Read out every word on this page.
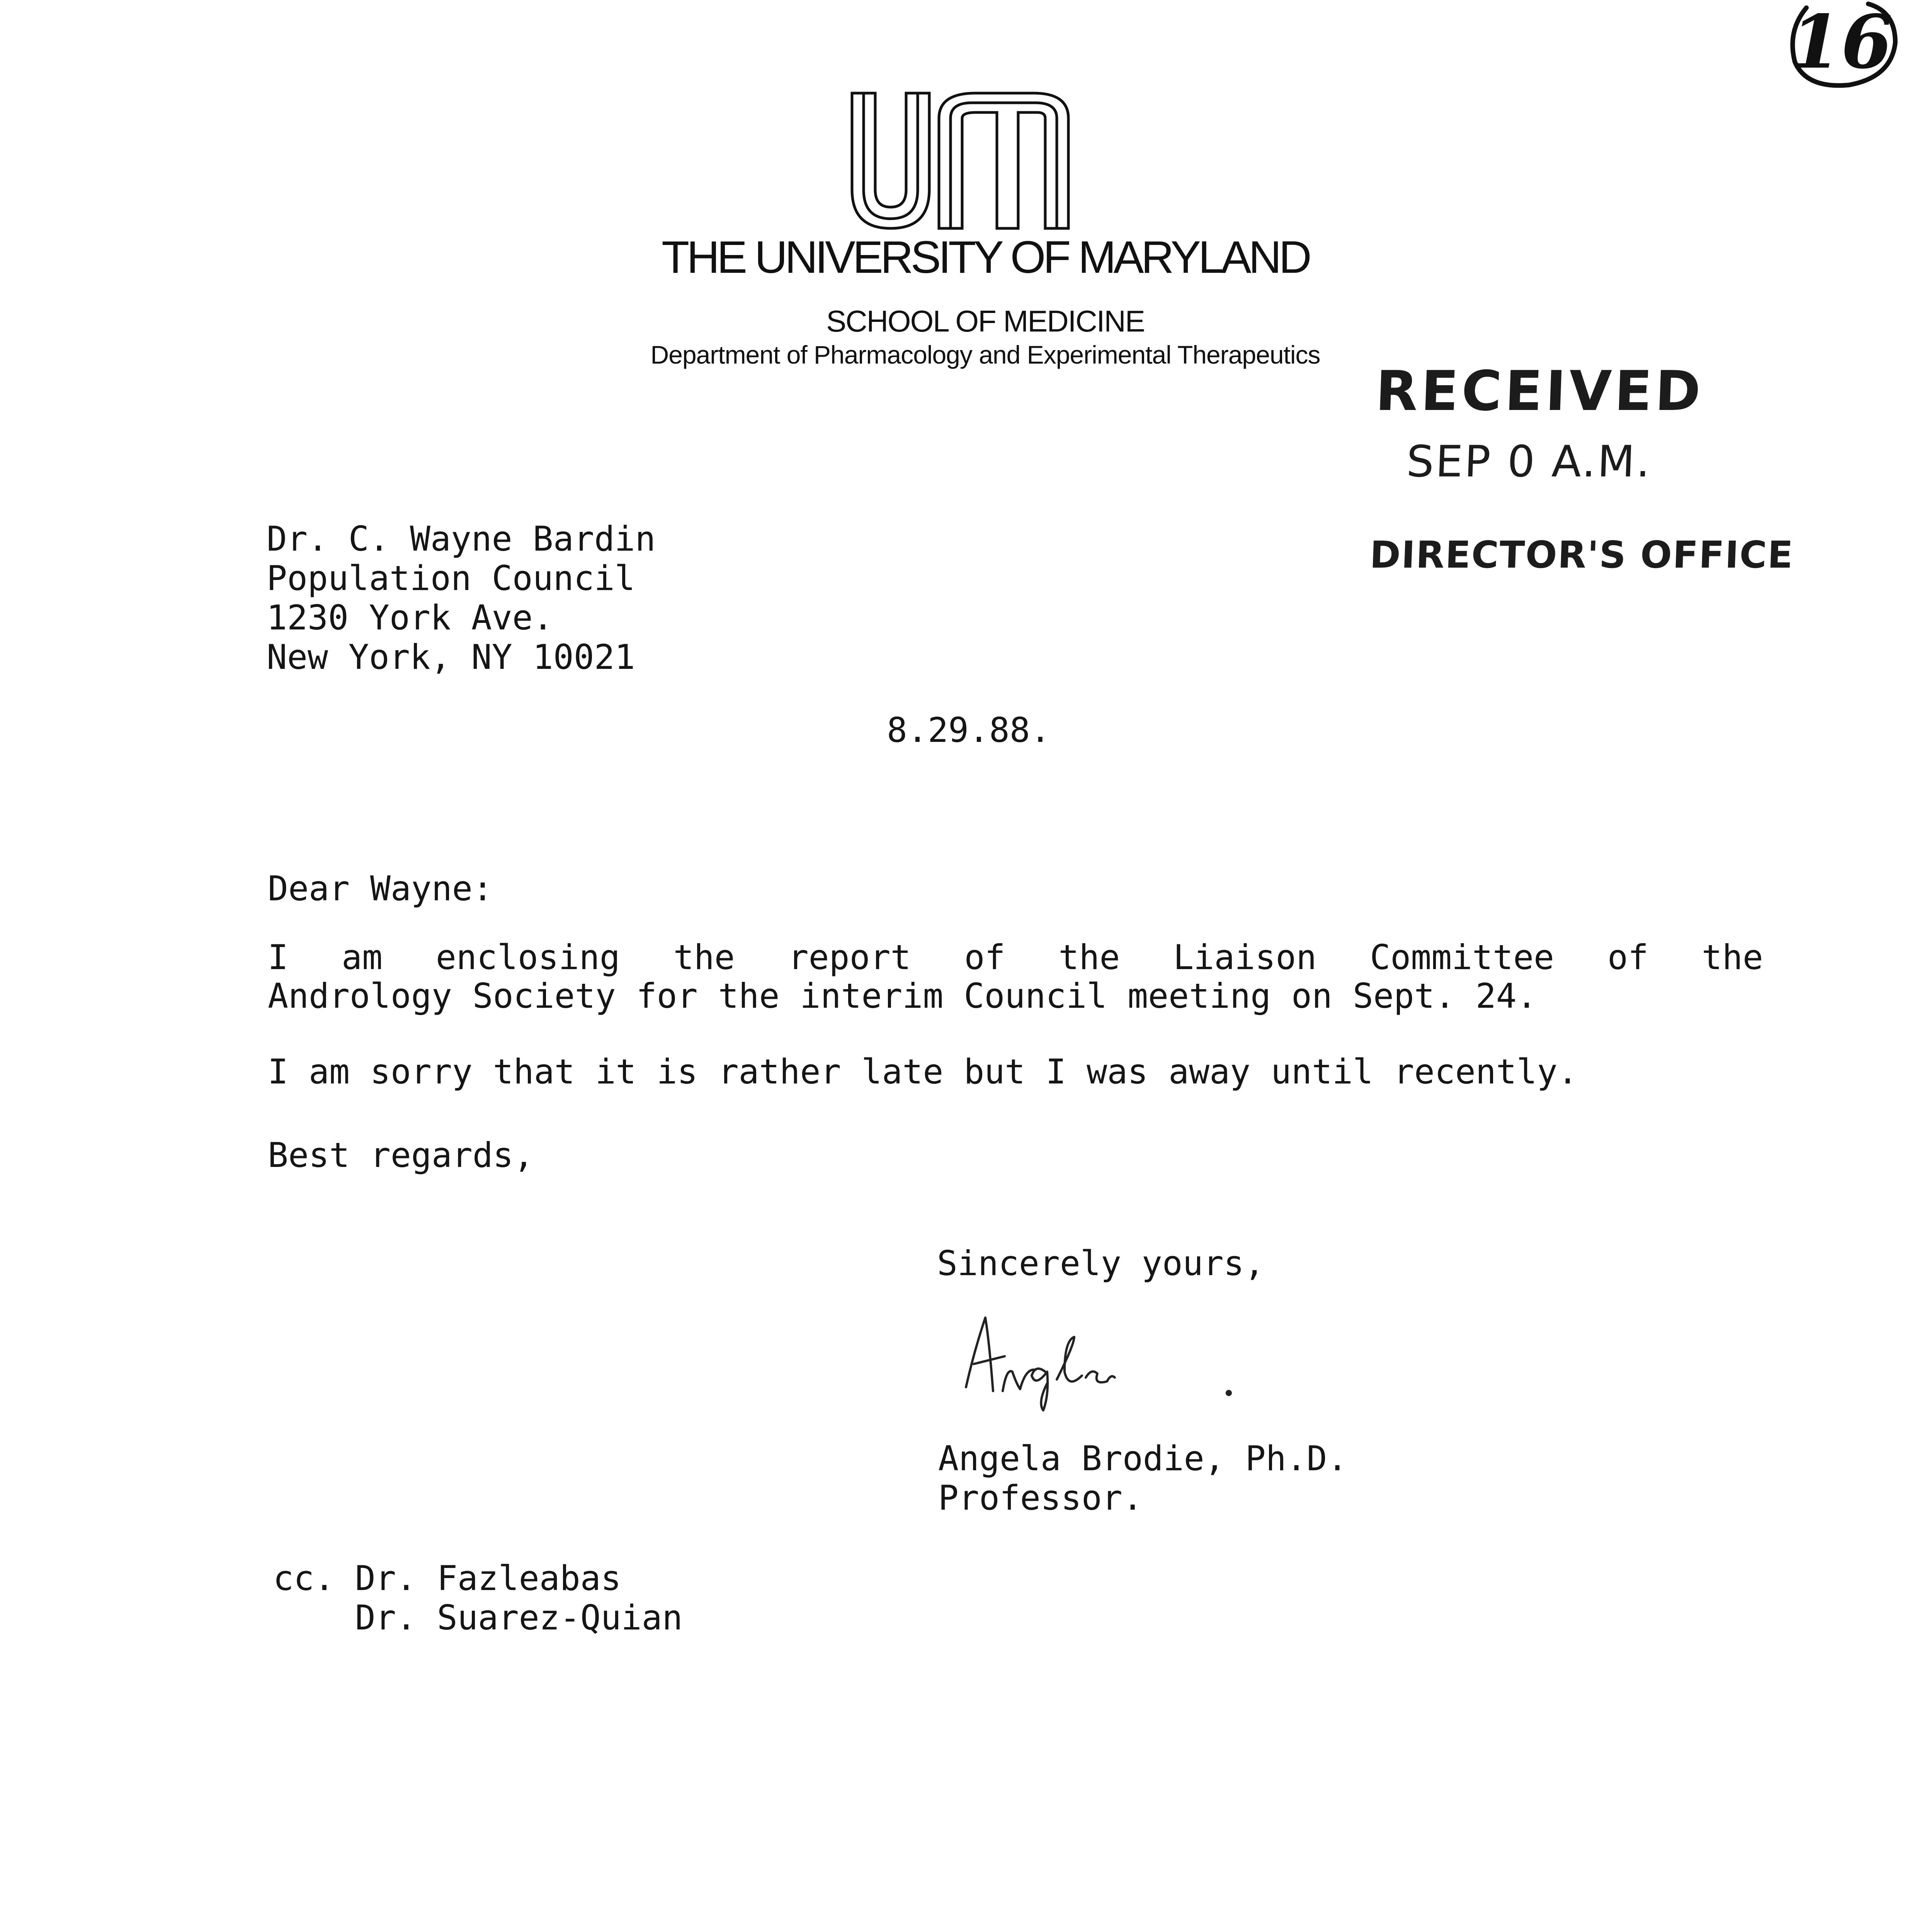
THE UNIVERSITY OF MARYLAND
SCHOOL OF MEDICINE
Department of Pharmacology and Experimental Therapeutics
16
RECEIVED
SEP 0 A.M.
DIRECTOR'S OFFICE
Dr. C. Wayne Bardin
Population Council
1230 York Ave.
New York, NY 10021
8.29.88.
Dear Wayne:
I am enclosing the report of the Liaison Committee of the
Andrology Society for the interim Council meeting on Sept. 24.
I am sorry that it is rather late but I was away until recently.
Best regards,
Sincerely yours,
Angela Brodie, Ph.D.
Professor.
cc. Dr. Fazleabas
Dr. Suarez-Quian
